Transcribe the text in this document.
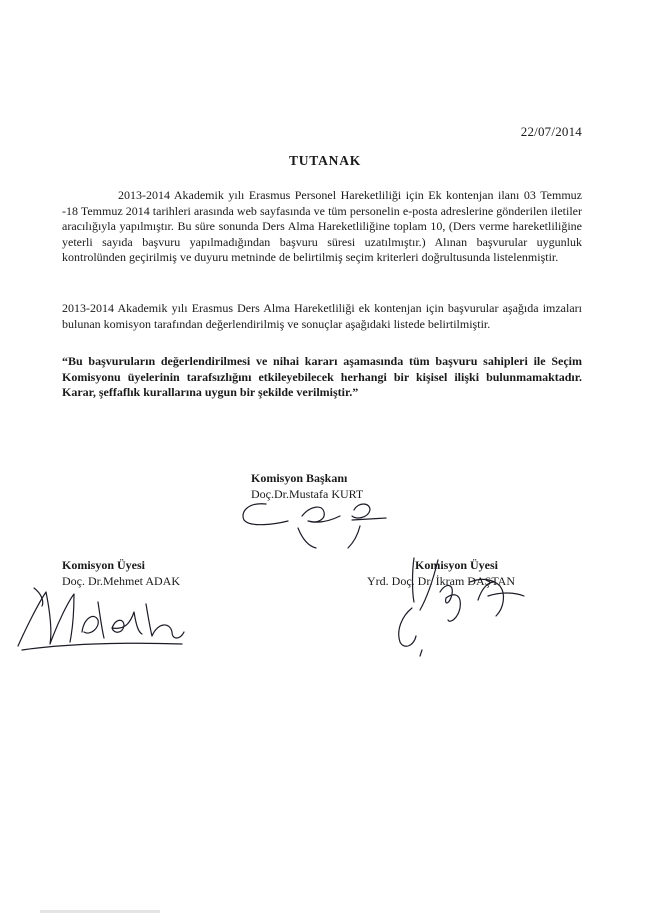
22/07/2014
TUTANAK

2013-2014 Akademik yılı Erasmus Personel Hareketliliği için Ek kontenjan ilanı 03 Temmuz -18 Temmuz 2014 tarihleri arasında web sayfasında ve tüm personelin e-posta adreslerine gönderilen iletiler aracılığıyla yapılmıştır. Bu süre sonunda Ders Alma Hareketliliğine toplam 10, (Ders verme hareketliliğine yeterli sayıda başvuru yapılmadığından başvuru süresi uzatılmıştır.) Alınan başvurular uygunluk kontrolünden geçirilmiş ve duyuru metninde de belirtilmiş seçim kriterleri doğrultusunda listelenmiştir.

2013-2014 Akademik yılı Erasmus Ders Alma Hareketliliği ek kontenjan için başvurular aşağıda imzaları bulunan komisyon tarafından değerlendirilmiş ve sonuçlar aşağıdaki listede belirtilmiştir.

“Bu başvuruların değerlendirilmesi ve nihai kararı aşamasında tüm başvuru sahipleri ile Seçim Komisyonu üyelerinin tarafsızlığını etkileyebilecek herhangi bir kişisel ilişki bulunmamaktadır. Karar, şeffaflık kurallarına uygun bir şekilde verilmiştir.”

Komisyon Başkanı
Doç.Dr.Mustafa KURT
Komisyon Üyesi
Doç. Dr.Mehmet ADAK
Komisyon Üyesi
Yrd. Doç. Dr. İkram DAŞTAN
